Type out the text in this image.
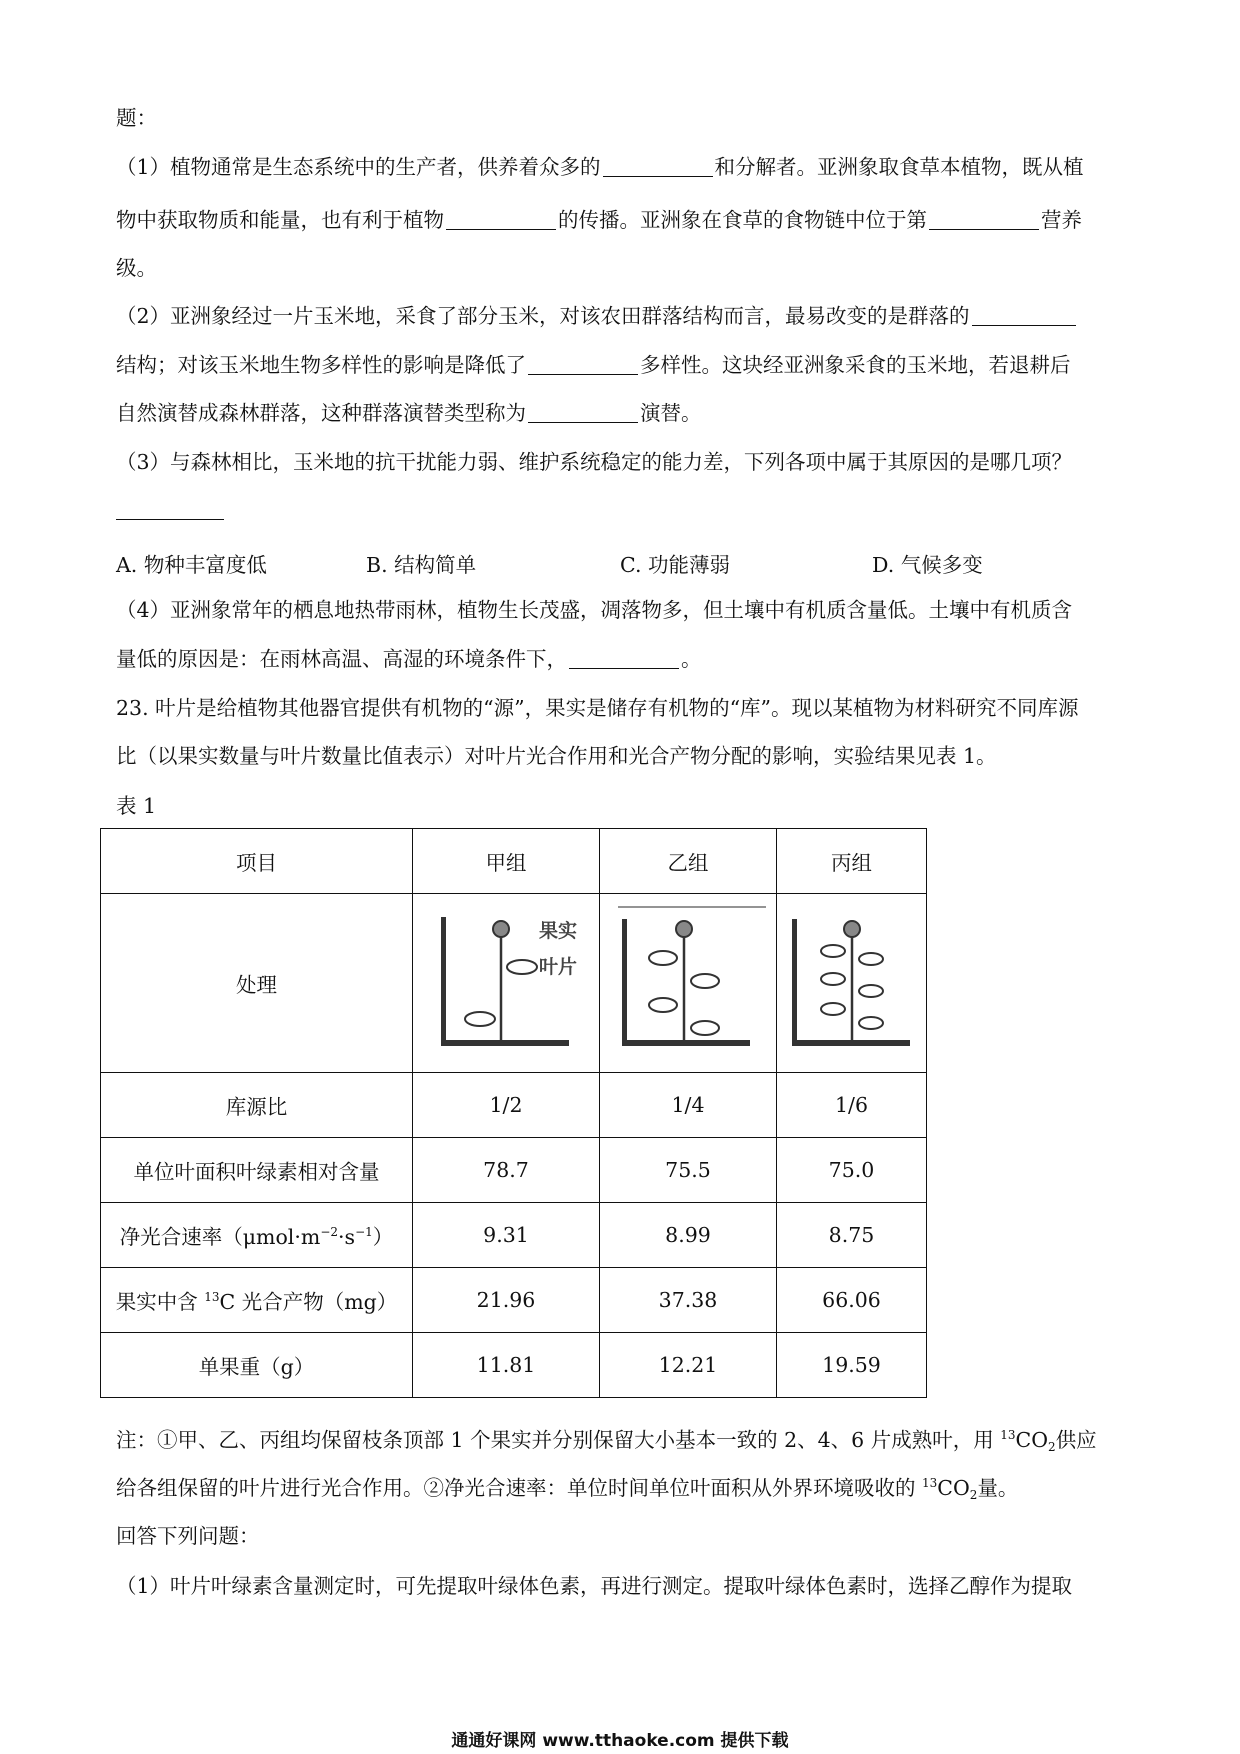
题：
（1）植物通常是生态系统中的生产者，供养着众多的	和分解者。亚洲象取食草本植物，既从植
物中获取物质和能量，也有利于植物	的传播。亚洲象在食草的食物链中位于第	营养
级。
（2）亚洲象经过一片玉米地，采食了部分玉米，对该农田群落结构而言，最易改变的是群落的
结构；对该玉米地生物多样性的影响是降低了	多样性。这块经亚洲象采食的玉米地，若退耕后
自然演替成森林群落，这种群落演替类型称为	演替。
（3）与森林相比，玉米地的抗干扰能力弱、维护系统稳定的能力差，下列各项中属于其原因的是哪几项？
A. 物种丰富度低	B. 结构简单	C. 功能薄弱	D. 气候多变
（4）亚洲象常年的栖息地热带雨林，植物生长茂盛，凋落物多，但土壤中有机质含量低。土壤中有机质含
量低的原因是：在雨林高温、高湿的环境条件下，	。
23. 叶片是给植物其他器官提供有机物的“源”，果实是储存有机物的“库”。现以某植物为材料研究不同库源
比（以果实数量与叶片数量比值表示）对叶片光合作用和光合产物分配的影响，实验结果见表 1。
表 1
项目	甲组	乙组	丙组
处理	果实
叶片

库源比	1/2	1/4	1/6
单位叶面积叶绿素相对含量	78.7	75.5	75.0
净光合速率$(\mu mol\cdot m^{-2}\cdot s^{-1})$	9.31	8.99	8.75
果实中含 $^{13}$C 光合产物（mg）	21.96	37.38	66.06
单果重（g）	11.81	12.21	19.59
注：①甲、乙、丙组均保留枝条顶部 1 个果实并分别保留大小基本一致的 2、4、6 片成熟叶，用 $^{13}CO_2$供应
给各组保留的叶片进行光合作用。②净光合速率：单位时间单位叶面积从外界环境吸收的 $^{13}CO_2$量。
回答下列问题：
（1）叶片叶绿素含量测定时，可先提取叶绿体色素，再进行测定。提取叶绿体色素时，选择乙醇作为提取
通通好课网 www.tthaoke.com 提供下载
